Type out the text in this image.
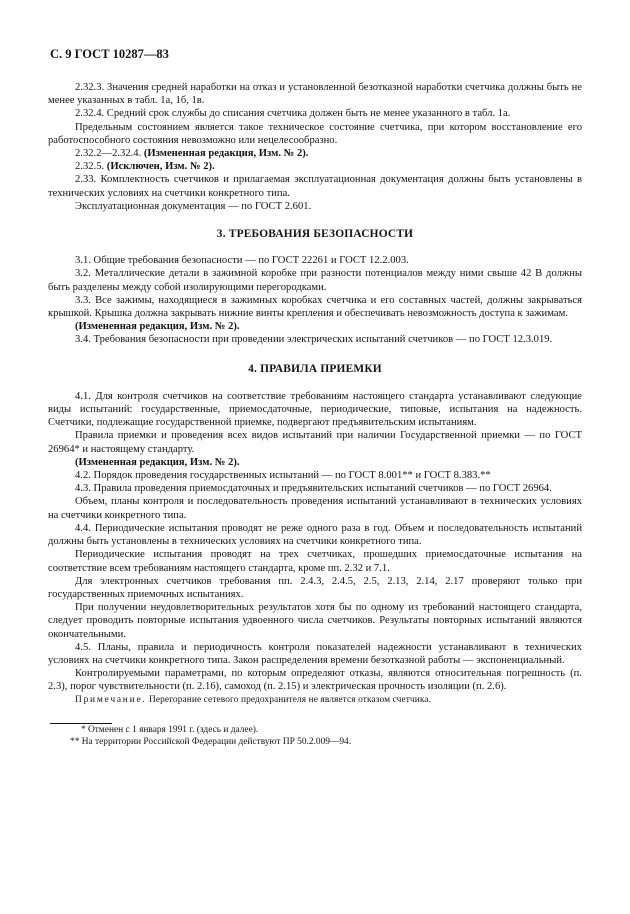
С. 9 ГОСТ 10287—83

2.32.3. Значения средней наработки на отказ и установленной безотказной наработки счетчика должны быть не менее указанных в табл. 1а, 1б, 1в.

2.32.4. Средний срок службы до списания счетчика должен быть не менее указанного в табл. 1а.

Предельным состоянием является такое техническое состояние счетчика, при котором восстановление его работоспособного состояния невозможно или нецелесообразно.

2.32.2—2.32.4. (Измененная редакция, Изм. № 2).

2.32.5. (Исключен, Изм. № 2).

2.33. Комплектность счетчиков и прилагаемая эксплуатационная документация должны быть установлены в технических условиях на счетчики конкретного типа.

Эксплуатационная документация — по ГОСТ 2.601.

3. ТРЕБОВАНИЯ БЕЗОПАСНОСТИ

3.1. Общие требования безопасности — по ГОСТ 22261 и ГОСТ 12.2.003.

3.2. Металлические детали в зажимной коробке при разности потенциалов между ними свыше 42 В должны быть разделены между собой изолирующими перегородками.

3.3. Все зажимы, находящиеся в зажимных коробках счетчика и его составных частей, должны закрываться крышкой. Крышка должна закрывать нижние винты крепления и обеспечивать невозможность доступа к зажимам.

(Измененная редакция, Изм. № 2).

3.4. Требования безопасности при проведении электрических испытаний счетчиков — по ГОСТ 12.3.019.

4. ПРАВИЛА ПРИЕМКИ

4.1. Для контроля счетчиков на соответствие требованиям настоящего стандарта устанавливают следующие виды испытаний: государственные, приемосдаточные, периодические, типовые, испытания на надежность. Счетчики, подлежащие государственной приемке, подвергают предъявительским испытаниям.

Правила приемки и проведения всех видов испытаний при наличии Государственной приемки — по ГОСТ 26964* и настоящему стандарту.

(Измененная редакция, Изм. № 2).

4.2. Порядок проведения государственных испытаний — по ГОСТ 8.001** и ГОСТ 8.383.**

4.3. Правила проведения приемосдаточных и предъявительских испытаний счетчиков — по ГОСТ 26964.

Объем, планы контроля и последовательность проведения испытаний устанавливают в технических условиях на счетчики конкретного типа.

4.4. Периодические испытания проводят не реже одного раза в год. Объем и последовательность испытаний должны быть установлены в технических условиях на счетчики конкретного типа.

Периодические испытания проводят на трех счетчиках, прошедших приемосдаточные испытания на соответствие всем требованиям настоящего стандарта, кроме пп. 2.32 и 7.1.

Для электронных счетчиков требования пп. 2.4.3, 2.4.5, 2.5, 2.13, 2.14, 2.17 проверяют только при государственных приемочных испытаниях.

При получении неудовлетворительных результатов хотя бы по одному из требований настоящего стандарта, следует проводить повторные испытания удвоенного числа счетчиков. Результаты повторных испытаний являются окончательными.

4.5. Планы, правила и периодичность контроля показателей надежности устанавливают в технических условиях на счетчики конкретного типа. Закон распределения времени безотказной работы — экспоненциальный.

Контролируемыми параметрами, по которым определяют отказы, являются относительная погрешность (п. 2.3), порог чувствительности (п. 2.16), самоход (п. 2.15) и электрическая прочность изоляции (п. 2.6).

Примечание. Перегорание сетевого предохранителя не является отказом счетчика.

* Отменен с 1 января 1991 г. (здесь и далее).

** На территории Российской Федерации действуют ПР 50.2.009—94.
